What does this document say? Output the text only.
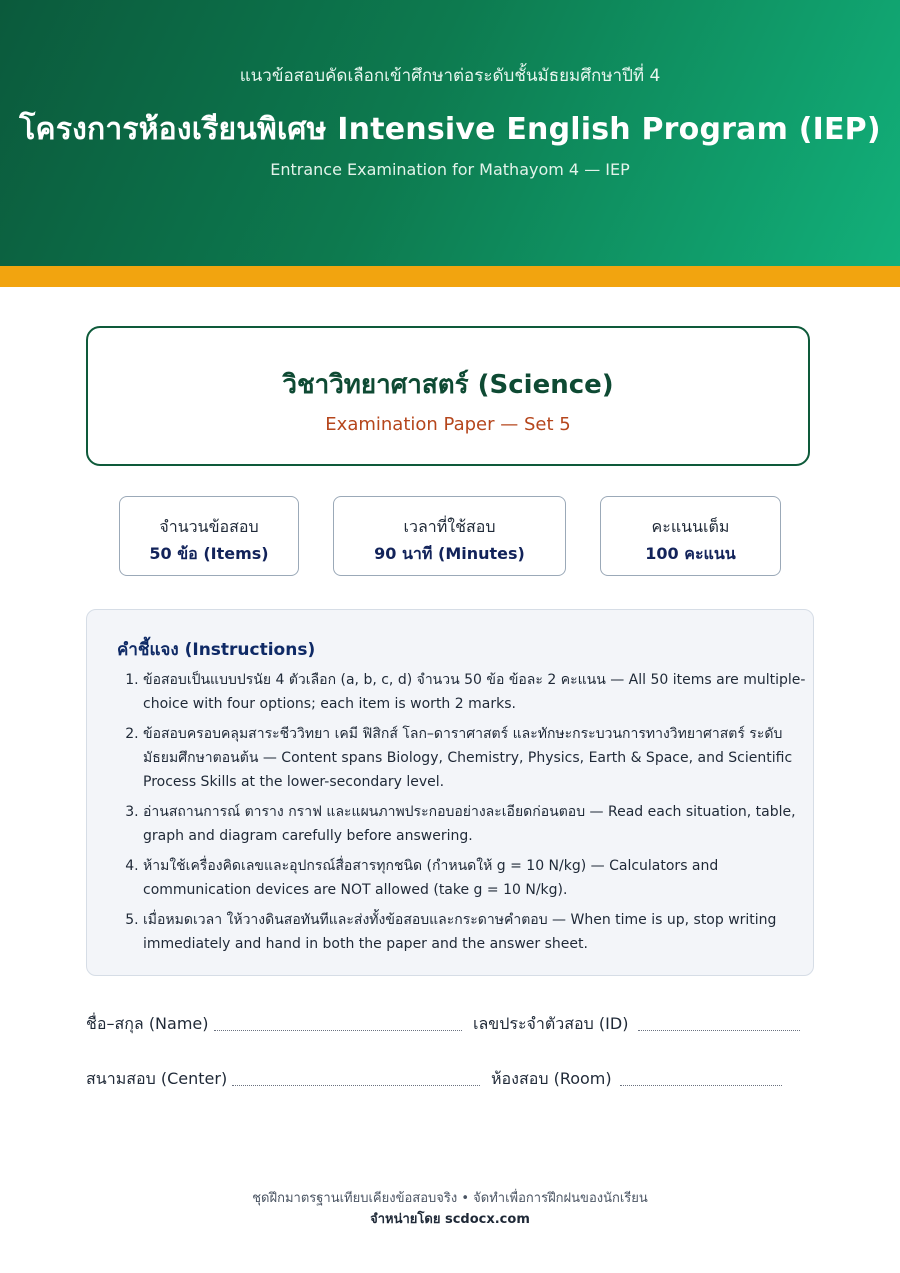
แนวข้อสอบคัดเลือกเข้าศึกษาต่อระดับชั้นมัธยมศึกษาปีที่ 4
โครงการห้องเรียนพิเศษ Intensive English Program (IEP)
Entrance Examination for Mathayom 4 — IEP
วิชาวิทยาศาสตร์ (Science)
Examination Paper — Set 5
จำนวนข้อสอบ
50 ข้อ (Items)
เวลาที่ใช้สอบ
90 นาที (Minutes)
คะแนนเต็ม
100 คะแนน
คำชี้แจง (Instructions)
1. ข้อสอบเป็นแบบปรนัย 4 ตัวเลือก (a, b, c, d) จำนวน 50 ข้อ ข้อละ 2 คะแนน — All 50 items are multiple-choice with four options; each item is worth 2 marks.
2. ข้อสอบครอบคลุมสาระชีววิทยา เคมี ฟิสิกส์ โลก–ดาราศาสตร์ และทักษะกระบวนการทางวิทยาศาสตร์ ระดับมัธยมศึกษาตอนต้น — Content spans Biology, Chemistry, Physics, Earth & Space, and Scientific Process Skills at the lower-secondary level.
3. อ่านสถานการณ์ ตาราง กราฟ และแผนภาพประกอบอย่างละเอียดก่อนตอบ — Read each situation, table, graph and diagram carefully before answering.
4. ห้ามใช้เครื่องคิดเลขและอุปกรณ์สื่อสารทุกชนิด (กำหนดให้ g = 10 N/kg) — Calculators and communication devices are NOT allowed (take g = 10 N/kg).
5. เมื่อหมดเวลา ให้วางดินสอทันทีและส่งทั้งข้อสอบและกระดาษคำตอบ — When time is up, stop writing immediately and hand in both the paper and the answer sheet.
ชื่อ–สกุล (Name)	เลขประจำตัวสอบ (ID)
สนามสอบ (Center)	ห้องสอบ (Room)
ชุดฝึกมาตรฐานเทียบเคียงข้อสอบจริง • จัดทำเพื่อการฝึกฝนของนักเรียน
จำหน่ายโดย scdocx.com
